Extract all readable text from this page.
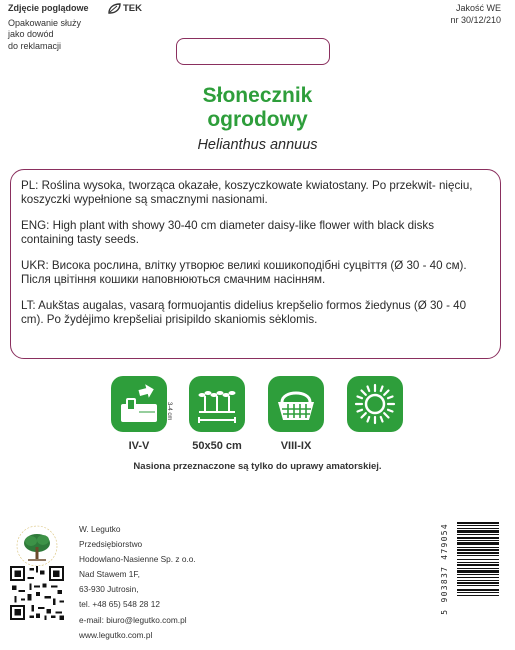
Zdjęcie poglądowe
Opakowanie służy
jako dowód
do reklamacji
TEK	Jakość WE
nr 30/12/210
Słonecznik
ogrodowy
Helianthus annuus

PL: Roślina wysoka, tworząca okazałe, koszyczkowate kwiatostany. Po przekwit- nięciu, koszyczki wypełnione są smacznymi nasionami.

ENG: High plant with showy 30-40 cm diameter daisy-like flower with black disks containing tasty seeds.

UKR: Висока рослина, влітку утворює великі кошикоподібні суцвіття (Ø 30 - 40 см). Після цвітіння кошики наповнюються смачним насінням.

LT: Aukštas augalas, vasarą formuojantis didelius krepšelio formos žiedynus (Ø 30 - 40 cm). Po žydėjimo krepšeliai prisipildo skaniomis sėklomis.

3-4 cm
IV-V	50x50 cm	VIII-IX
Nasiona przeznaczone są tylko do uprawy amatorskiej.
W. Legutko
Przedsiębiorstwo
Hodowlano-Nasienne Sp. z o.o.
Nad Stawem 1F,
63-930 Jutrosin,
tel. +48 65) 548 28 12
e-mail: biuro@legutko.com.pl
www.legutko.com.pl
5 903837 479054
